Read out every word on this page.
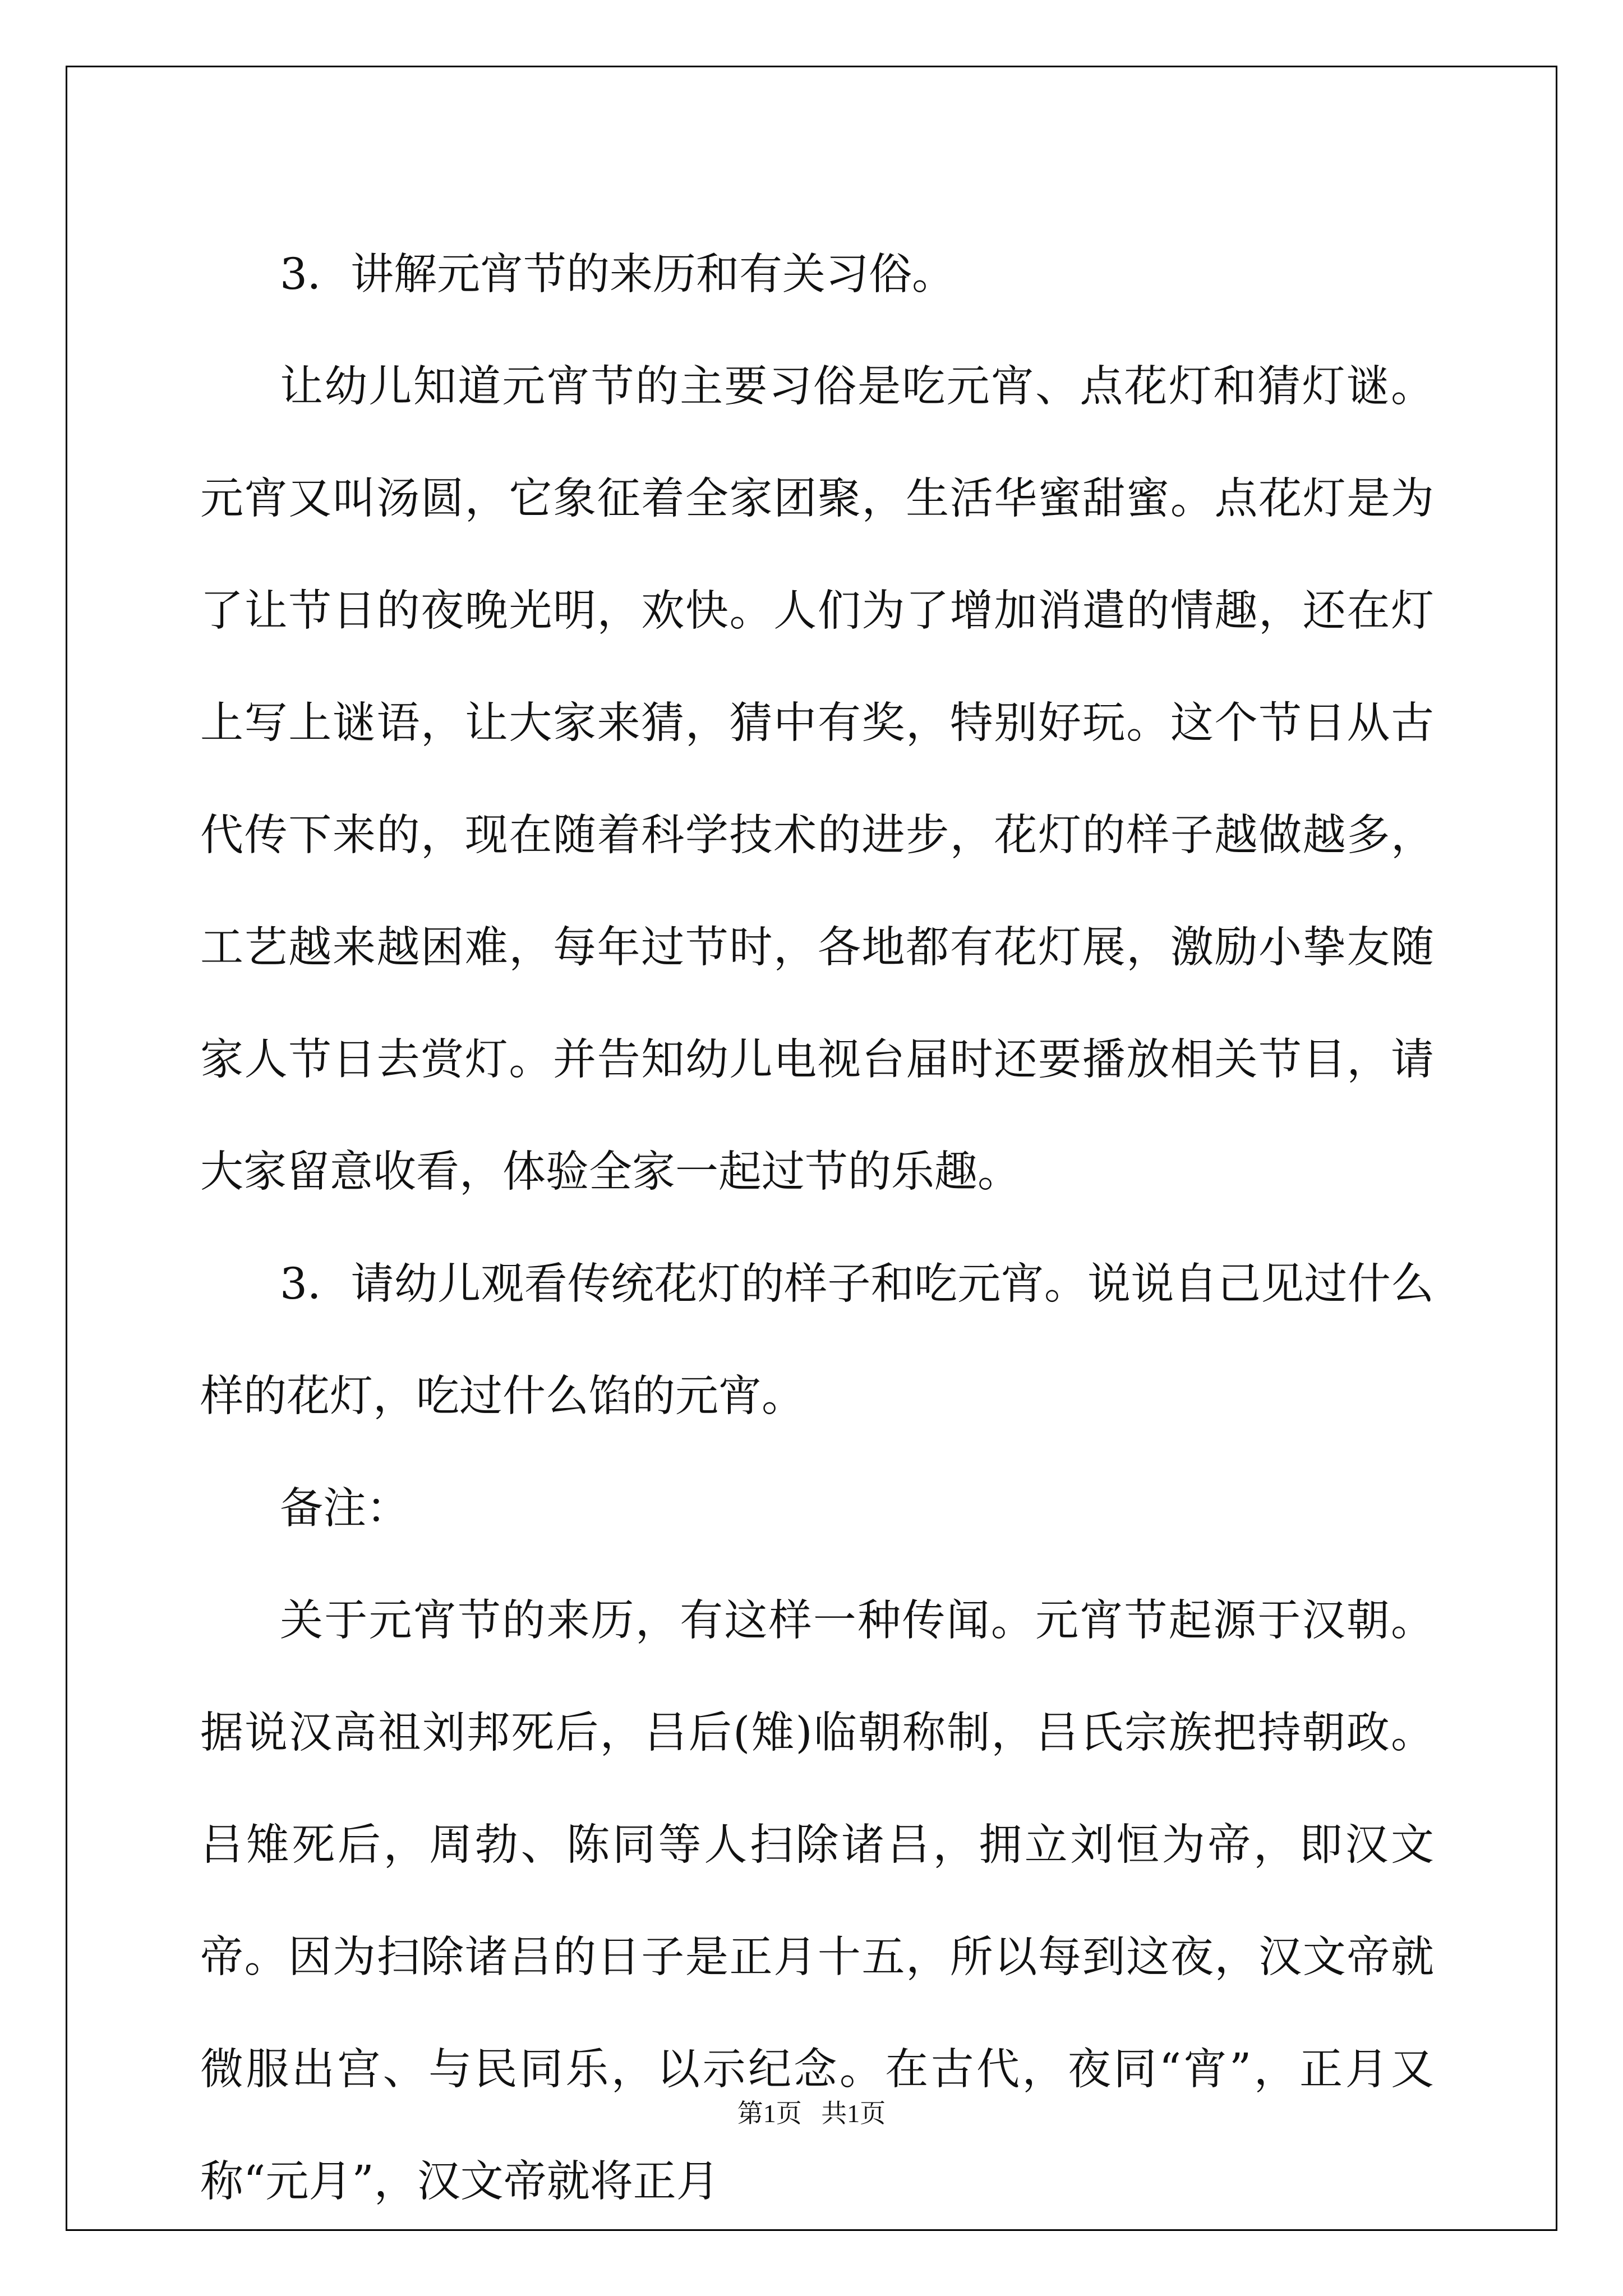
3．讲解元宵节的来历和有关习俗。

让幼儿知道元宵节的主要习俗是吃元宵、点花灯和猜灯谜。元宵又叫汤圆，它象征着全家团聚，生活华蜜甜蜜。点花灯是为了让节日的夜晚光明，欢快。人们为了增加消遣的情趣，还在灯上写上谜语，让大家来猜，猜中有奖，特别好玩。这个节日从古代传下来的，现在随着科学技术的进步，花灯的样子越做越多，工艺越来越困难，每年过节时，各地都有花灯展，激励小挚友随家人节日去赏灯。并告知幼儿电视台届时还要播放相关节目，请大家留意收看，体验全家一起过节的乐趣。

3．请幼儿观看传统花灯的样子和吃元宵。说说自己见过什么样的花灯，吃过什么馅的元宵。

备注：

关于元宵节的来历，有这样一种传闻。元宵节起源于汉朝。据说汉高祖刘邦死后，吕后(雉)临朝称制，吕氏宗族把持朝政。吕雉死后，周勃、陈同等人扫除诸吕，拥立刘恒为帝，即汉文帝。因为扫除诸吕的日子是正月十五，所以每到这夜，汉文帝就微服出宫、与民同乐，以示纪念。在古代，夜同“宵”，正月又称“元月”，汉文帝就将正月

第1页 共1页
